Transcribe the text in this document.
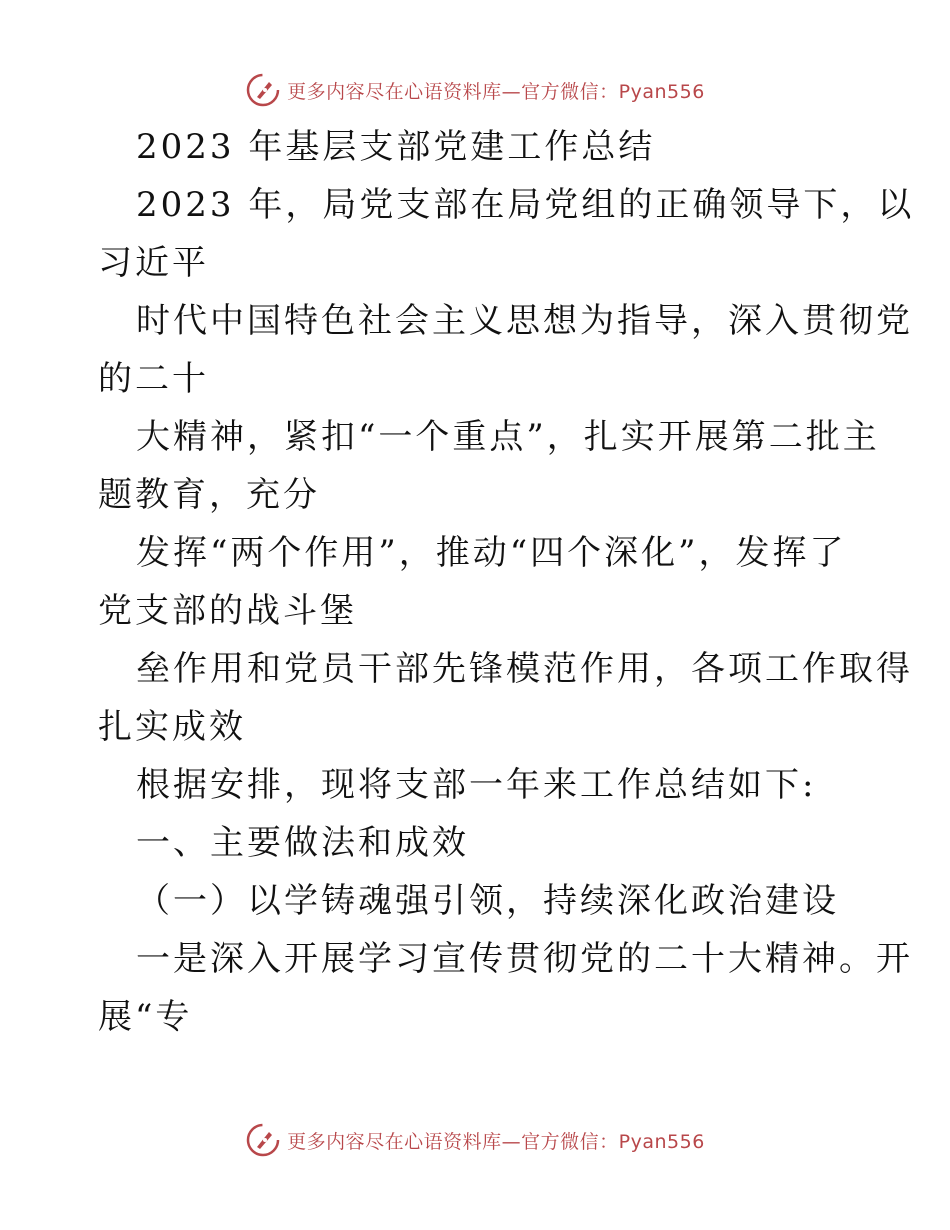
更多内容尽在心语资料库—官方微信：Pyan556
2023 年基层支部党建工作总结
2023 年，局党支部在局党组的正确领导下，以
习近平
时代中国特色社会主义思想为指导，深入贯彻党
的二十
大精神，紧扣“一个重点”，扎实开展第二批主
题教育，充分
发挥“两个作用”，推动“四个深化”，发挥了
党支部的战斗堡
垒作用和党员干部先锋模范作用，各项工作取得
扎实成效
根据安排，现将支部一年来工作总结如下:
一、主要做法和成效
（一）以学铸魂强引领，持续深化政治建设
一是深入开展学习宣传贯彻党的二十大精神。开
展“专
更多内容尽在心语资料库—官方微信：Pyan556
